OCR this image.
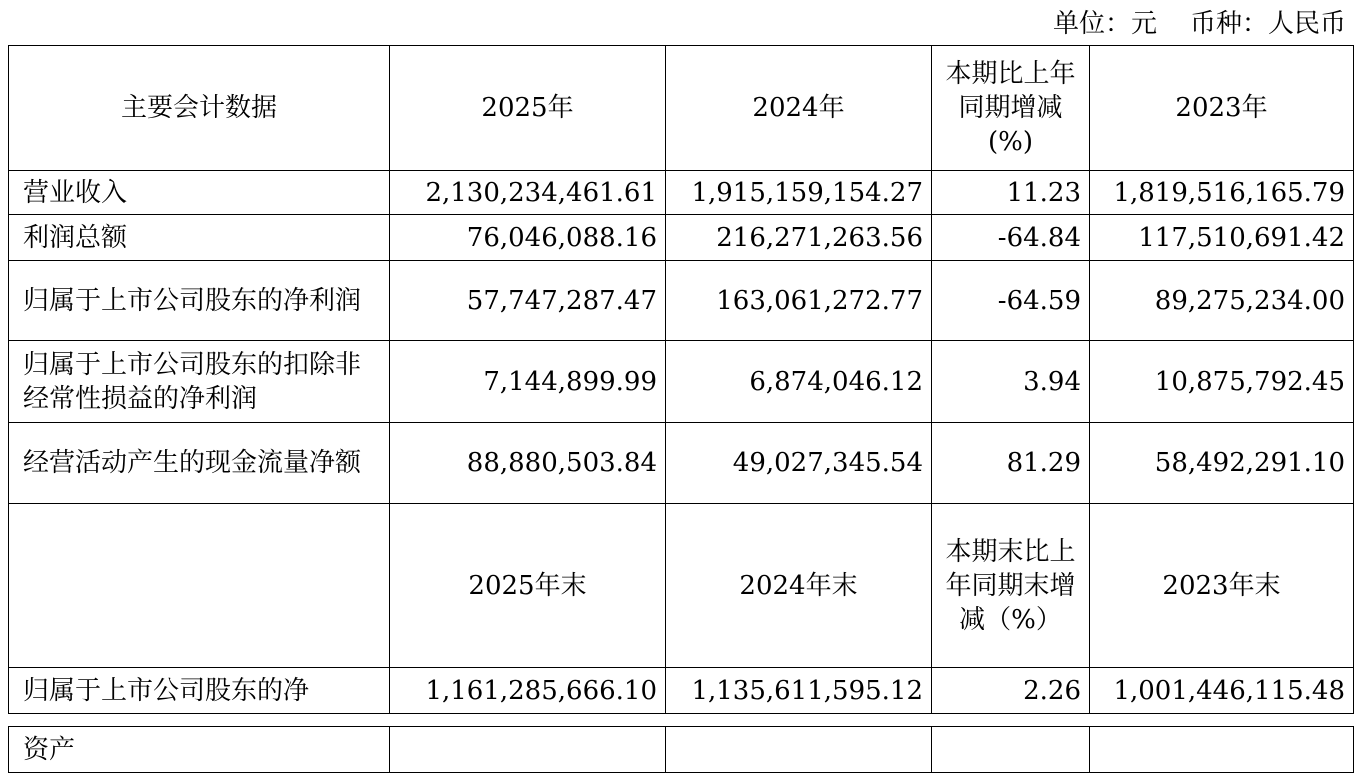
单位：元    币种：人民币
主要会计数据	2025年	2024年	本期比上年同期增减(%)	2023年
营业收入	2,130,234,461.61	1,915,159,154.27	11.23	1,819,516,165.79
利润总额	76,046,088.16	216,271,263.56	-64.84	117,510,691.42
归属于上市公司股东的净利润	57,747,287.47	163,061,272.77	-64.59	89,275,234.00
归属于上市公司股东的扣除非经常性损益的净利润	7,144,899.99	6,874,046.12	3.94	10,875,792.45
经营活动产生的现金流量净额	88,880,503.84	49,027,345.54	81.29	58,492,291.10
	2025年末	2024年末	本期末比上年同期末增减（%）	2023年末
归属于上市公司股东的净	1,161,285,666.10	1,135,611,595.12	2.26	1,001,446,115.48
资产				
